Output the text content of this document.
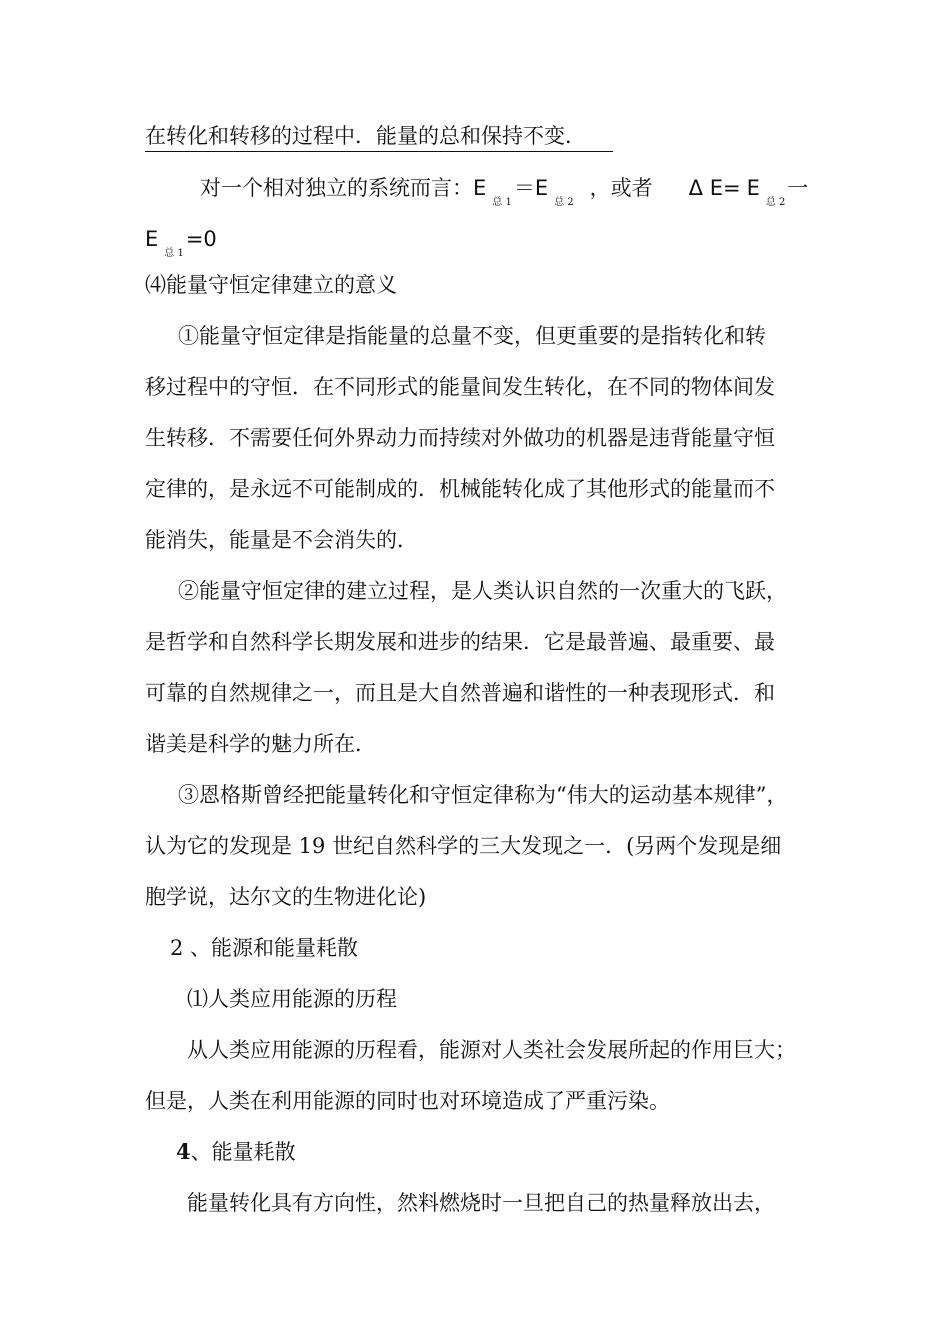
在转化和转移的过程中．能量的总和保持不变．
对一个相对独立的系统而言：$E_{总 1}=E_{总 2}$，或者 Δ $E= E_{总 2}$一
$E_{总 1}=0$
⑷能量守恒定律建立的意义
①能量守恒定律是指能量的总量不变，但更重要的是指转化和转
移过程中的守恒．在不同形式的能量间发生转化，在不同的物体间发
生转移．不需要任何外界动力而持续对外做功的机器是违背能量守恒
定律的，是永远不可能制成的．机械能转化成了其他形式的能量而不
能消失，能量是不会消失的．
②能量守恒定律的建立过程，是人类认识自然的一次重大的飞跃，
是哲学和自然科学长期发展和进步的结果．它是最普遍、最重要、最
可靠的自然规律之一，而且是大自然普遍和谐性的一种表现形式．和
谐美是科学的魅力所在．
③恩格斯曾经把能量转化和守恒定律称为“伟大的运动基本规律”，
认为它的发现是 19 世纪自然科学的三大发现之一．(另两个发现是细
胞学说，达尔文的生物进化论)
2 、能源和能量耗散
⑴人类应用能源的历程
从人类应用能源的历程看，能源对人类社会发展所起的作用巨大；
但是，人类在利用能源的同时也对环境造成了严重污染。
4、能量耗散
能量转化具有方向性，然料燃烧时一旦把自己的热量释放出去，
